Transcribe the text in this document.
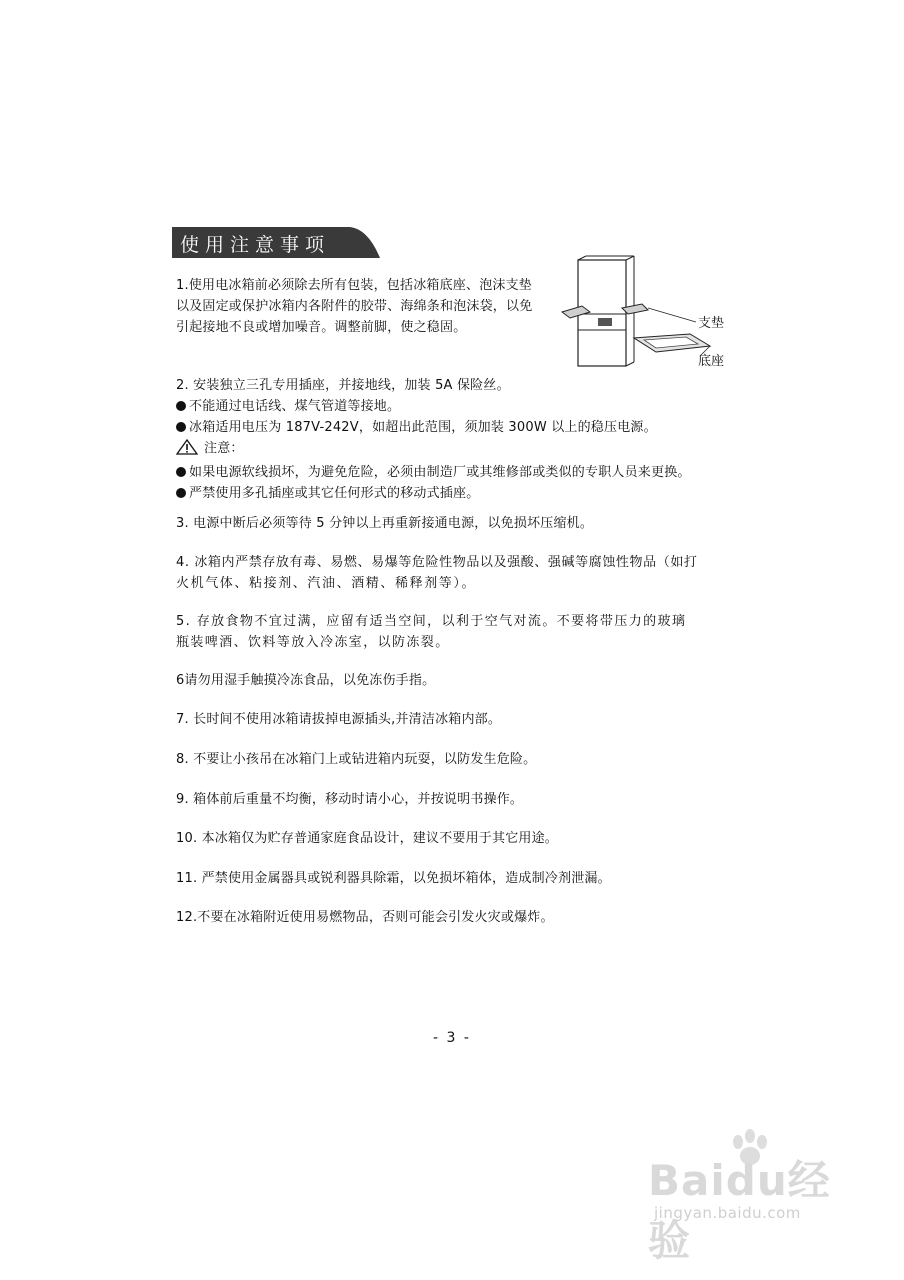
使用注意事项
1.使用电冰箱前必须除去所有包装，包括冰箱底座、泡沫支垫
以及固定或保护冰箱内各附件的胶带、海绵条和泡沫袋，以免
引起接地不良或增加噪音。调整前脚，使之稳固。	支垫
底座
2. 安装独立三孔专用插座，并接地线，加装 5A 保险丝。
不能通过电话线、煤气管道等接地。
冰箱适用电压为 187V-242V，如超出此范围，须加装 300W 以上的稳压电源。
注意：
如果电源软线损坏，为避免危险，必须由制造厂或其维修部或类似的专职人员来更换。
严禁使用多孔插座或其它任何形式的移动式插座。
3. 电源中断后必须等待 5 分钟以上再重新接通电源，以免损坏压缩机。
4. 冰箱内严禁存放有毒、易燃、易爆等危险性物品以及强酸、强碱等腐蚀性物品（如打
火机气体、粘接剂、汽油、酒精、稀释剂等）。
5. 存放食物不宜过满，应留有适当空间，以利于空气对流。不要将带压力的玻璃
瓶装啤酒、饮料等放入冷冻室，以防冻裂。
6请勿用湿手触摸冷冻食品，以免冻伤手指。
7. 长时间不使用冰箱请拔掉电源插头,并清洁冰箱内部。
8. 不要让小孩吊在冰箱门上或钻进箱内玩耍，以防发生危险。
9. 箱体前后重量不均衡，移动时请小心，并按说明书操作。
10. 本冰箱仅为贮存普通家庭食品设计，建议不要用于其它用途。
11. 严禁使用金属器具或锐利器具除霜，以免损坏箱体，造成制冷剂泄漏。
12.不要在冰箱附近使用易燃物品，否则可能会引发火灾或爆炸。
- 3 -
Baidu经验
jingyan.baidu.com
